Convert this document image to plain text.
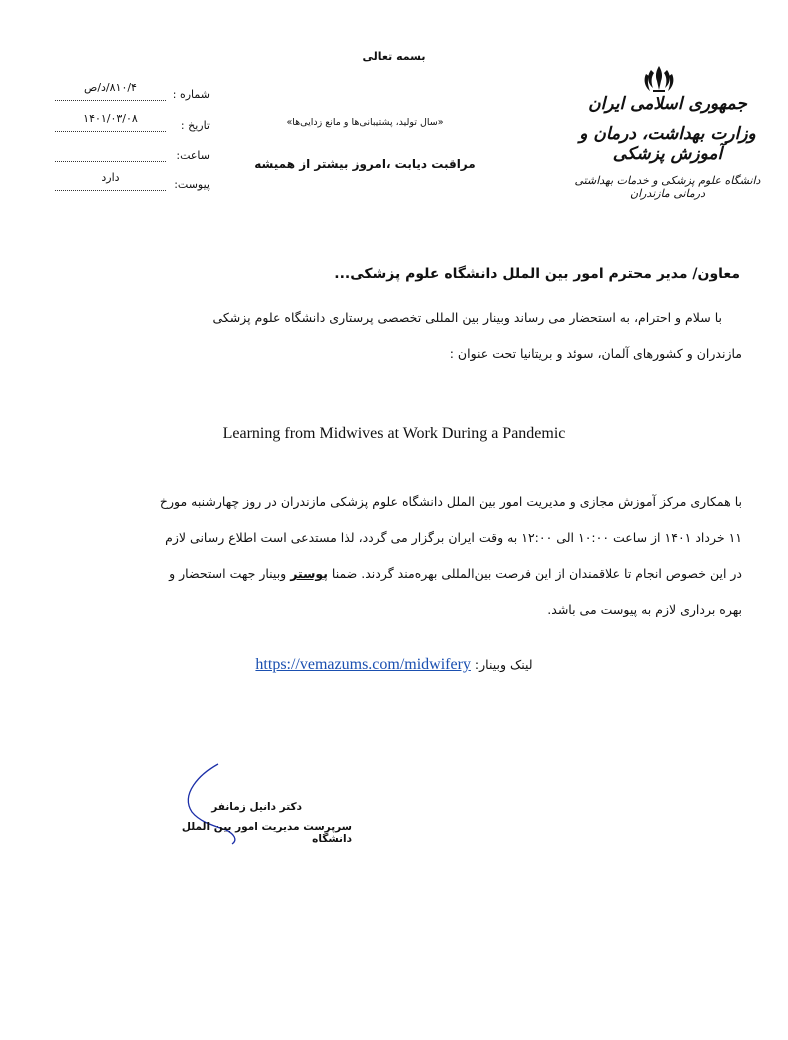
بسمه تعالی
شماره :
۸۱۰/۴/د/ص
تاریخ :
۱۴۰۱/۰۳/۰۸
ساعت:
پیوست:
دارد
«سال تولید، پشتیبانی‌ها و مانع زدایی‌ها»
مراقبت دیابت ،امروز بیشتر از همیشه
جمهوری اسلامی ایران
وزارت بهداشت، درمان و آموزش پزشکی
دانشگاه علوم پزشکی و خدمات بهداشتی درمانی مازندران
معاون/ مدیر محترم امور بین الملل دانشگاه علوم پزشکی...
با سلام و احترام، به استحضار می رساند وبینار بین المللی تخصصی پرستاری دانشگاه علوم پزشکی
مازندران و کشورهای آلمان، سوئد و بریتانیا تحت عنوان :
Learning from Midwives at Work During a Pandemic
با همکاری مرکز آموزش مجازی و مدیریت امور بین الملل دانشگاه علوم پزشکی مازندران در روز چهارشنبه مورخ
۱۱ خرداد ۱۴۰۱ از ساعت ۱۰:۰۰ الی ۱۲:۰۰ به وقت ایران برگزار می گردد، لذا مستدعی است اطلاع رسانی لازم
در این خصوص انجام تا علاقمندان از این فرصت بین‌المللی بهره‌مند گردند. ضمنا پوستر وبینار جهت استحضار و
بهره برداری لازم به پیوست می باشد.
لینک وبینار: https://vemazums.com/midwifery
دکتر دانیل زمانفر
سرپرست مدیریت امور بین الملل دانشگاه
